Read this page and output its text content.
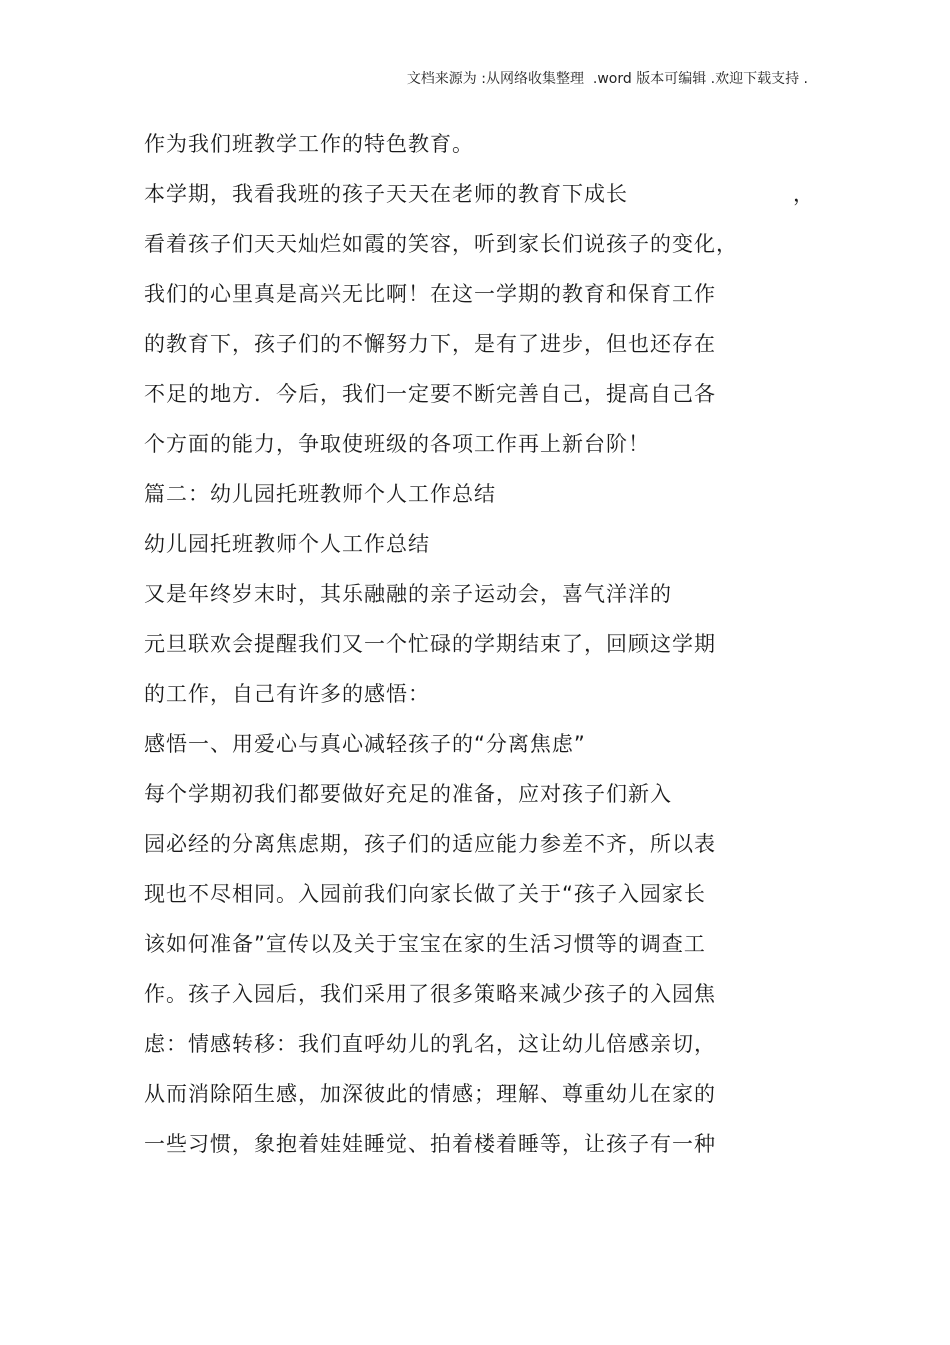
文档来源为 :从网络收集整理  .word 版本可编辑 .欢迎下载支持 .
作为我们班教学工作的特色教育。
本学期，我看我班的孩子天天在老师的教育下成长	，
看着孩子们天天灿烂如霞的笑容，听到家长们说孩子的变化，
我们的心里真是高兴无比啊！在这一学期的教育和保育工作
的教育下，孩子们的不懈努力下，是有了进步，但也还存在
不足的地方．今后，我们一定要不断完善自己，提高自己各
个方面的能力，争取使班级的各项工作再上新台阶！
篇二：幼儿园托班教师个人工作总结
幼儿园托班教师个人工作总结
又是年终岁末时，其乐融融的亲子运动会，喜气洋洋的
元旦联欢会提醒我们又一个忙碌的学期结束了，回顾这学期
的工作，自己有许多的感悟：
感悟一、用爱心与真心减轻孩子的“分离焦虑”
每个学期初我们都要做好充足的准备，应对孩子们新入
园必经的分离焦虑期，孩子们的适应能力参差不齐，所以表
现也不尽相同。入园前我们向家长做了关于“孩子入园家长
该如何准备”宣传以及关于宝宝在家的生活习惯等的调查工
作。孩子入园后，我们采用了很多策略来减少孩子的入园焦
虑：情感转移：我们直呼幼儿的乳名，这让幼儿倍感亲切，
从而消除陌生感，加深彼此的情感；理解、尊重幼儿在家的
一些习惯，象抱着娃娃睡觉、拍着楼着睡等，让孩子有一种
